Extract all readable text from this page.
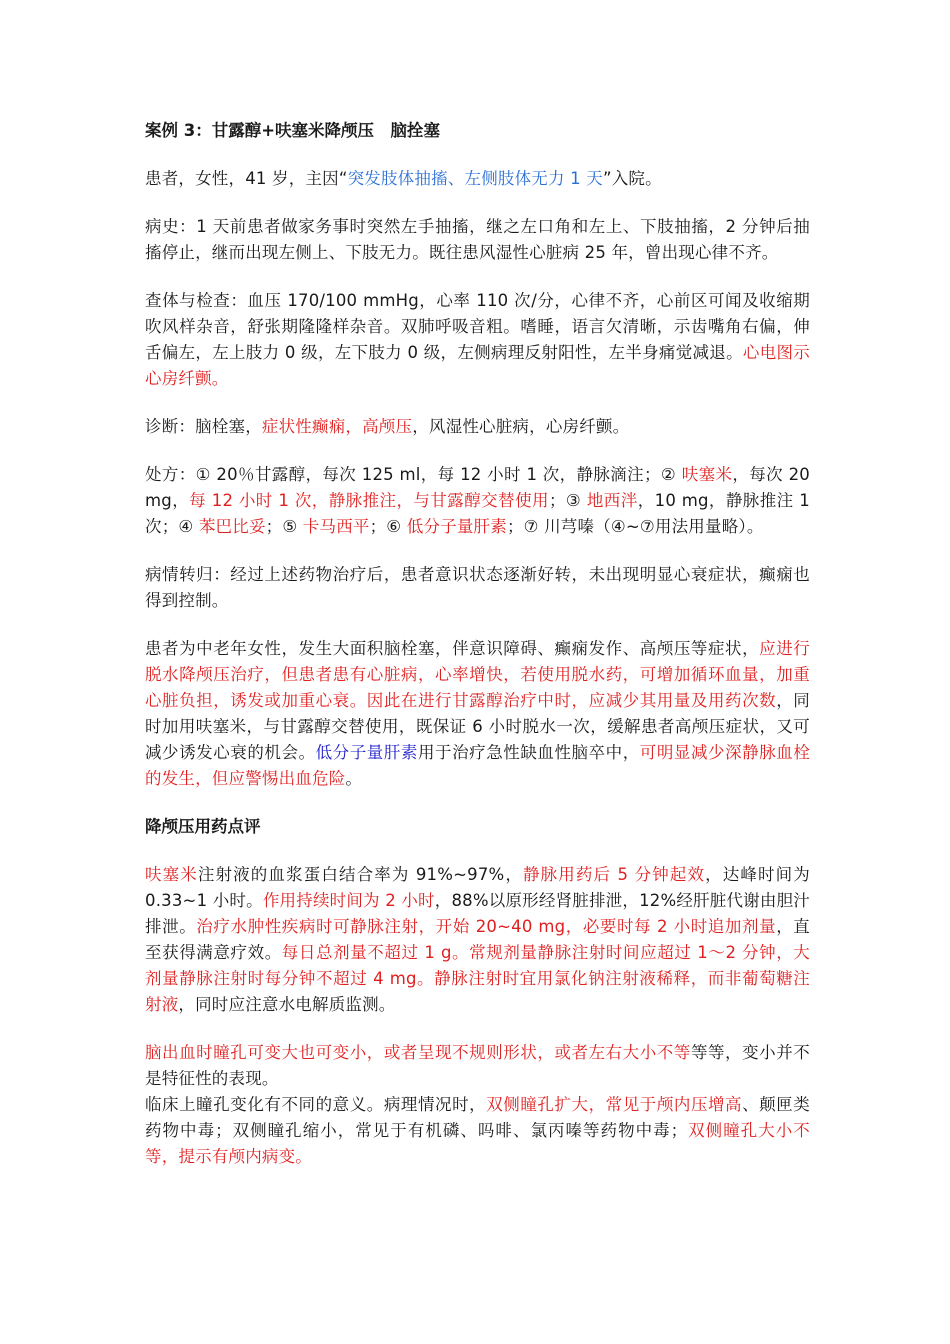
案例 3：甘露醇+呋塞米降颅压　脑拴塞

患者，女性，41 岁，主因“突发肢体抽搐、左侧肢体无力 1 天”入院。

病史：1 天前患者做家务事时突然左手抽搐，继之左口角和左上、下肢抽搐，2 分钟后抽搐停止，继而出现左侧上、下肢无力。既往患风湿性心脏病 25 年，曾出现心律不齐。

查体与检查：血压 170/100 mmHg，心率 110 次/分，心律不齐，心前区可闻及收缩期吹风样杂音，舒张期隆隆样杂音。双肺呼吸音粗。嗜睡，语言欠清晰，示齿嘴角右偏，伸舌偏左，左上肢力 0 级，左下肢力 0 级，左侧病理反射阳性，左半身痛觉减退。心电图示心房纤颤。

诊断：脑栓塞，症状性癫痫，高颅压，风湿性心脏病，心房纤颤。

处方：① 20％甘露醇，每次 125 ml，每 12 小时 1 次，静脉滴注；② 呋塞米，每次 20 mg，每 12 小时 1 次，静脉推注，与甘露醇交替使用；③ 地西泮，10 mg，静脉推注 1 次；④ 苯巴比妥；⑤ 卡马西平；⑥ 低分子量肝素；⑦ 川芎嗪（④~⑦用法用量略）。

病情转归：经过上述药物治疗后，患者意识状态逐渐好转，未出现明显心衰症状，癫痫也得到控制。

患者为中老年女性，发生大面积脑栓塞，伴意识障碍、癫痫发作、高颅压等症状，应进行脱水降颅压治疗，但患者患有心脏病，心率增快，若使用脱水药，可增加循环血量，加重心脏负担，诱发或加重心衰。因此在进行甘露醇治疗中时，应减少其用量及用药次数，同时加用呋塞米，与甘露醇交替使用，既保证 6 小时脱水一次，缓解患者高颅压症状，又可减少诱发心衰的机会。低分子量肝素用于治疗急性缺血性脑卒中，可明显减少深静脉血栓的发生，但应警惕出血危险。

降颅压用药点评

呋塞米注射液的血浆蛋白结合率为 91%~97%，静脉用药后 5 分钟起效，达峰时间为 0.33~1 小时。作用持续时间为 2 小时，88%以原形经肾脏排泄，12%经肝脏代谢由胆汁排泄。治疗水肿性疾病时可静脉注射，开始 20~40 mg，必要时每 2 小时追加剂量，直至获得满意疗效。每日总剂量不超过 1 g。常规剂量静脉注射时间应超过 1～2 分钟，大剂量静脉注射时每分钟不超过 4 mg。静脉注射时宜用氯化钠注射液稀释，而非葡萄糖注射液，同时应注意水电解质监测。

脑出血时瞳孔可变大也可变小，或者呈现不规则形状，或者左右大小不等等等，变小并不是特征性的表现。

临床上瞳孔变化有不同的意义。病理情况时，双侧瞳孔扩大，常见于颅内压增高、颠匣类药物中毒；双侧瞳孔缩小，常见于有机磷、吗啡、氯丙嗪等药物中毒；双侧瞳孔大小不等，提示有颅内病变。
